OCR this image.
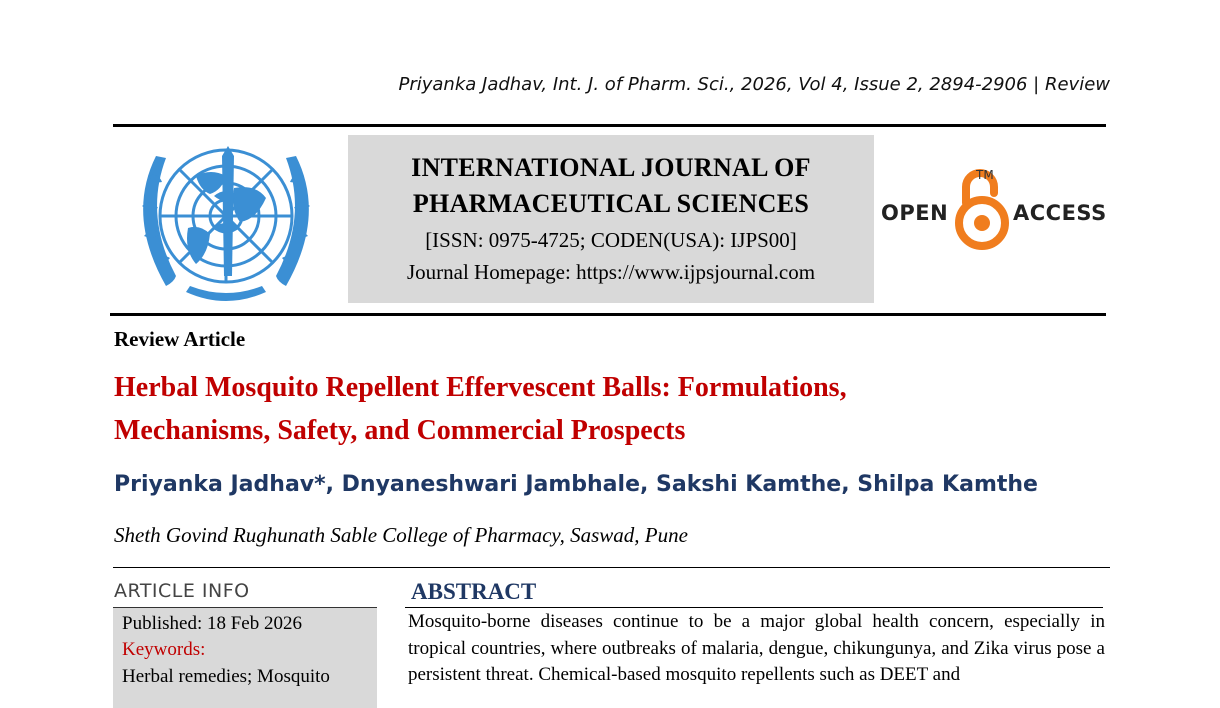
Priyanka Jadhav, Int. J. of Pharm. Sci., 2026, Vol 4, Issue 2, 2894-2906 | Review
INTERNATIONAL JOURNAL OF
PHARMACEUTICAL SCIENCES
[ISSN: 0975-4725; CODEN(USA): IJPS00]
Journal Homepage: https://www.ijpsjournal.com
OPEN
TM
ACCESS
Review Article
Herbal Mosquito Repellent Effervescent Balls: Formulations,
Mechanisms, Safety, and Commercial Prospects
Priyanka Jadhav*, Dnyaneshwari Jambhale, Sakshi Kamthe, Shilpa Kamthe
Sheth Govind Rughunath Sable College of Pharmacy, Saswad, Pune
ARTICLE INFO
Published: 18 Feb 2026
Keywords:
Herbal remedies; Mosquito
ABSTRACT
Mosquito-borne diseases continue to be a major global health concern, especially in tropical countries, where outbreaks of malaria, dengue, chikungunya, and Zika virus pose a persistent threat. Chemical-based mosquito repellents such as DEET and
